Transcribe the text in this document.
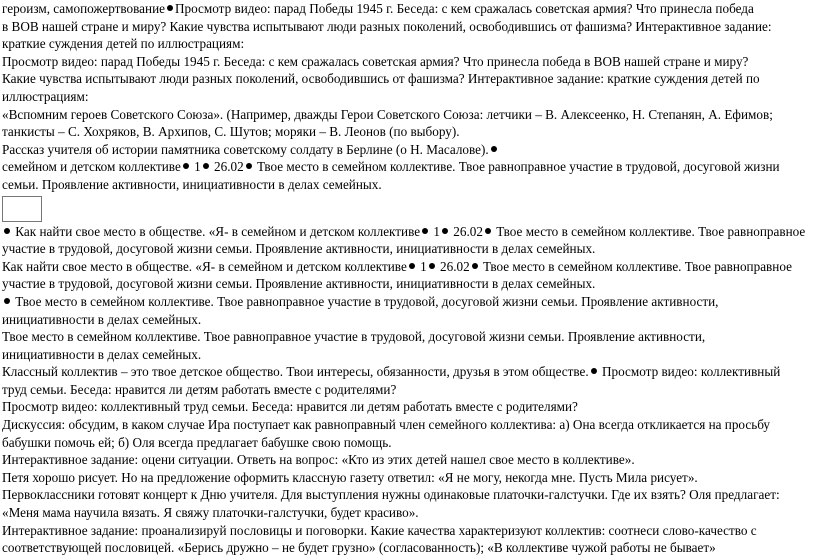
героизм, самопожертвование Просмотр видео: парад Победы 1945 г. Беседа: с кем сражалась советская армия? Что принесла победа
в ВОВ нашей стране и миру? Какие чувства испытывают люди разных поколений, освободившись от фашизма? Интерактивное задание:
краткие суждения детей по иллюстрациям:
Просмотр видео: парад Победы 1945 г. Беседа: с кем сражалась советская армия? Что принесла победа в ВОВ нашей стране и миру?
Какие чувства испытывают люди разных поколений, освободившись от фашизма? Интерактивное задание: краткие суждения детей по
иллюстрациям:
«Вспомним героев Советского Союза». (Например, дважды Герои Советского Союза: летчики – В. Алексеенко, Н. Степанян, А. Ефимов;
танкисты – С. Хохряков, В. Архипов, С. Шутов; моряки – В. Леонов (по выбору).
Рассказ учителя об истории памятника советскому солдату в Берлине (о Н. Масалове).
семейном и детском коллективе 1 26.02 Твое место в семейном коллективе. Твое равноправное участие в трудовой, досуговой жизни
семьи. Проявление активности, инициативности в делах семейных.
Как найти свое место в обществе. «Я- в семейном и детском коллективе 1 26.02 Твое место в семейном коллективе. Твое равноправное
участие в трудовой, досуговой жизни семьи. Проявление активности, инициативности в делах семейных.
Как найти свое место в обществе. «Я- в семейном и детском коллективе 1 26.02 Твое место в семейном коллективе. Твое равноправное
участие в трудовой, досуговой жизни семьи. Проявление активности, инициативности в делах семейных.
Твое место в семейном коллективе. Твое равноправное участие в трудовой, досуговой жизни семьи. Проявление активности,
инициативности в делах семейных.
Твое место в семейном коллективе. Твое равноправное участие в трудовой, досуговой жизни семьи. Проявление активности,
инициативности в делах семейных.
Классный коллектив – это твое детское общество. Твои интересы, обязанности, друзья в этом обществе. Просмотр видео: коллективный
труд семьи. Беседа: нравится ли детям работать вместе с родителями?
Просмотр видео: коллективный труд семьи. Беседа: нравится ли детям работать вместе с родителями?
Дискуссия: обсудим, в каком случае Ира поступает как равноправный член семейного коллектива: а) Она всегда откликается на просьбу
бабушки помочь ей; б) Оля всегда предлагает бабушке свою помощь.
Интерактивное задание: оцени ситуации. Ответь на вопрос: «Кто из этих детей нашел свое место в коллективе».
Петя хорошо рисует. Но на предложение оформить классную газету ответил: «Я не могу, некогда мне. Пусть Мила рисует».
Первоклассники готовят концерт к Дню учителя. Для выступления нужны одинаковые платочки-галстучки. Где их взять? Оля предлагает:
«Меня мама научила вязать. Я свяжу платочки-галстучки, будет красиво».
Интерактивное задание: проанализируй пословицы и поговорки. Какие качества характеризуют коллектив: соотнеси слово-качество с
соответствующей пословицей. «Берись дружно – не будет грузно» (согласованность); «В коллективе чужой работы не бывает»
